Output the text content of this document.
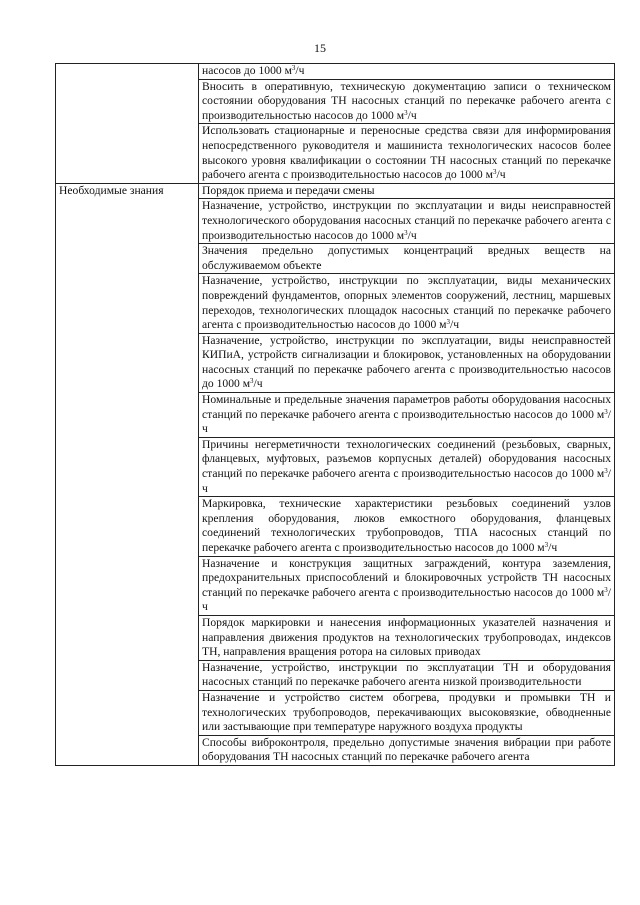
15
	насосов до 1000 $м^3/ч$
	Вносить в оперативную, техническую документацию записи о техническом состоянии оборудования ТН насосных станций по перекачке рабочего агента с производительностью насосов до 1000 $м^3/ч$
	Использовать стационарные и переносные средства связи для информирования непосредственного руководителя и машиниста технологических насосов более высокого уровня квалификации о состоянии ТН насосных станций по перекачке рабочего агента с производительностью насосов до 1000 $м^3/ч$
Необходимые знания	Порядок приема и передачи смены
	Назначение, устройство, инструкции по эксплуатации и виды неисправностей технологического оборудования насосных станций по перекачке рабочего агента с производительностью насосов до 1000 $м^3/ч$
	Значения предельно допустимых концентраций вредных веществ на обслуживаемом объекте
	Назначение, устройство, инструкции по эксплуатации, виды механических повреждений фундаментов, опорных элементов сооружений, лестниц, маршевых переходов, технологических площадок насосных станций по перекачке рабочего агента с производительностью насосов до 1000 $м^3/ч$
	Назначение, устройство, инструкции по эксплуатации, виды неисправностей КИПиА, устройств сигнализации и блокировок, установленных на оборудовании насосных станций по перекачке рабочего агента с производительностью насосов до 1000 $м^3/ч$
	Номинальные и предельные значения параметров работы оборудования насосных станций по перекачке рабочего агента с производительностью насосов до 1000 $м^3/ч$
	Причины негерметичности технологических соединений (резьбовых, сварных, фланцевых, муфтовых, разъемов корпусных деталей) оборудования насосных станций по перекачке рабочего агента с производительностью насосов до 1000 $м^3/ч$
	Маркировка, технические характеристики резьбовых соединений узлов крепления оборудования, люков емкостного оборудования, фланцевых соединений технологических трубопроводов, ТПА насосных станций по перекачке рабочего агента с производительностью насосов до 1000 $м^3/ч$
	Назначение и конструкция защитных заграждений, контура заземления, предохранительных приспособлений и блокировочных устройств ТН насосных станций по перекачке рабочего агента с производительностью насосов до 1000 $м^3/ч$
	Порядок маркировки и нанесения информационных указателей назначения и направления движения продуктов на технологических трубопроводах, индексов ТН, направления вращения ротора на силовых приводах
	Назначение, устройство, инструкции по эксплуатации ТН и оборудования насосных станций по перекачке рабочего агента низкой производительности
	Назначение и устройство систем обогрева, продувки и промывки ТН и технологических трубопроводов, перекачивающих высоковязкие, обводненные или застывающие при температуре наружного воздуха продукты
	Способы виброконтроля, предельно допустимые значения вибрации при работе оборудования ТН насосных станций по перекачке рабочего агента
